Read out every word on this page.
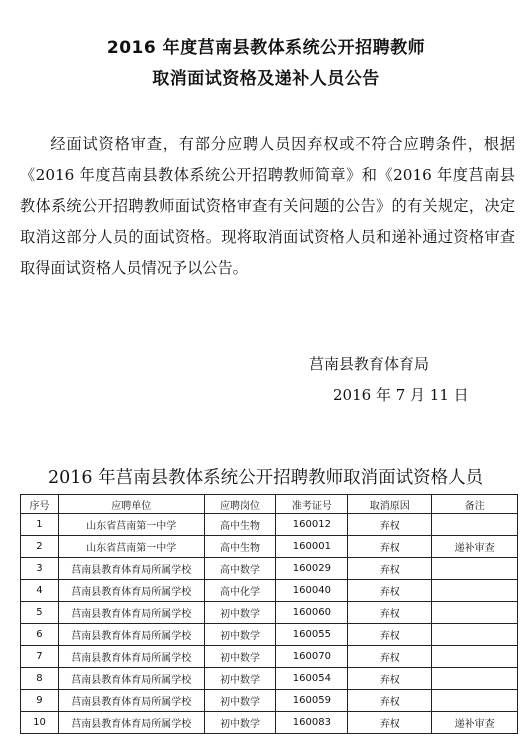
2016 年度莒南县教体系统公开招聘教师
取消面试资格及递补人员公告

经面试资格审查，有部分应聘人员因弃权或不符合应聘条件，根据《2016 年度莒南县教体系统公开招聘教师简章》和《2016 年度莒南县教体系统公开招聘教师面试资格审查有关问题的公告》的有关规定，决定取消这部分人员的面试资格。现将取消面试资格人员和递补通过资格审查取得面试资格人员情况予以公告。

莒南县教育体育局
2016 年 7 月 11 日
2016 年莒南县教体系统公开招聘教师取消面试资格人员
序号	应聘单位	应聘岗位	准考证号	取消原因	备注
1	山东省莒南第一中学	高中生物	160012	弃权	
2	山东省莒南第一中学	高中生物	160001	弃权	递补审查
3	莒南县教育体育局所属学校	高中数学	160029	弃权	
4	莒南县教育体育局所属学校	高中化学	160040	弃权	
5	莒南县教育体育局所属学校	初中数学	160060	弃权	
6	莒南县教育体育局所属学校	初中数学	160055	弃权	
7	莒南县教育体育局所属学校	初中数学	160070	弃权	
8	莒南县教育体育局所属学校	初中数学	160054	弃权	
9	莒南县教育体育局所属学校	初中数学	160059	弃权	
10	莒南县教育体育局所属学校	初中数学	160083	弃权	递补审查
